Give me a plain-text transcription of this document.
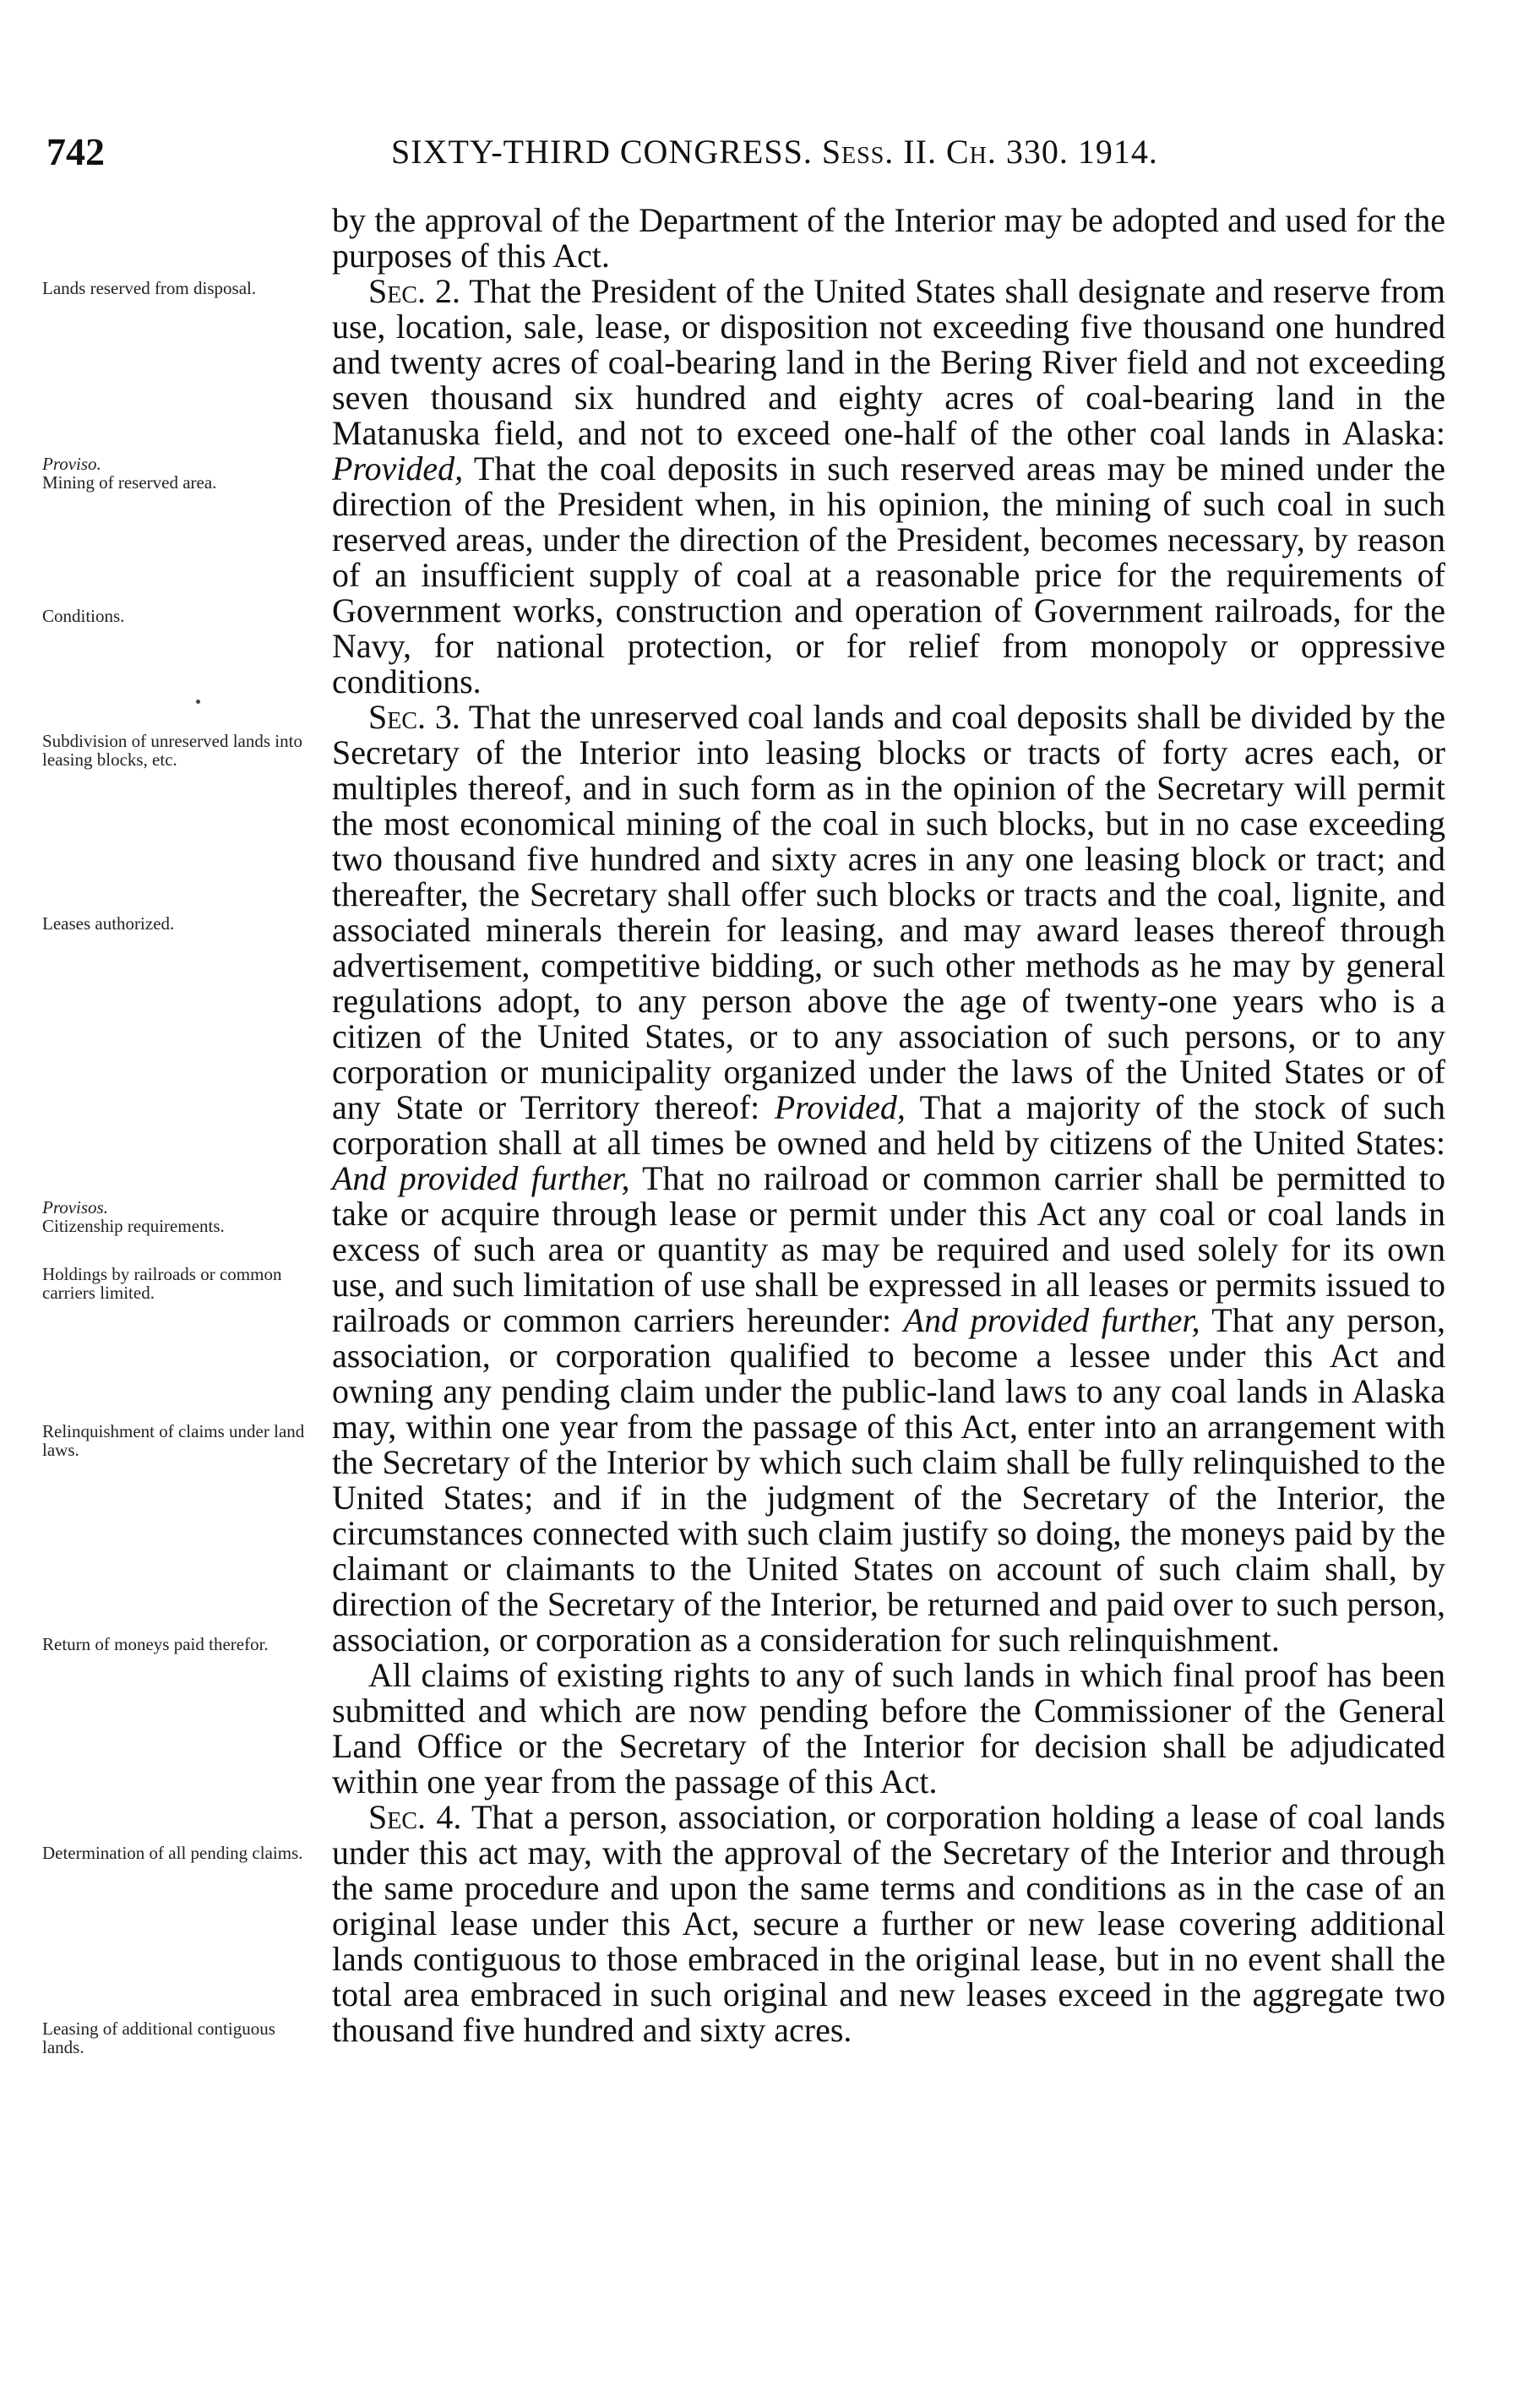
742	SIXTY-THIRD CONGRESS. Sess. II. Ch. 330. 1914.
Lands reserved from disposal.
Proviso.
Mining of reserved area.
Conditions.
Subdivision of unreserved lands into leasing blocks, etc.
Leases authorized.
Provisos.
Citizenship requirements.
Holdings by railroads or common carriers limited.
Relinquishment of claims under land laws.
Return of moneys paid therefor.
Determination of all pending claims.
Leasing of additional contiguous lands.

by the approval of the Department of the Interior may be adopted and used for the purposes of this Act.

Sec. 2. That the President of the United States shall designate and reserve from use, location, sale, lease, or disposition not exceeding five thousand one hundred and twenty acres of coal-bearing land in the Bering River field and not exceeding seven thousand six hundred and eighty acres of coal-bearing land in the Matanuska field, and not to exceed one-half of the other coal lands in Alaska: Provided, That the coal deposits in such reserved areas may be mined under the direction of the President when, in his opinion, the mining of such coal in such reserved areas, under the direction of the President, becomes necessary, by reason of an insufficient supply of coal at a reasonable price for the requirements of Government works, construction and operation of Government railroads, for the Navy, for national protection, or for relief from monopoly or oppressive conditions.

Sec. 3. That the unreserved coal lands and coal deposits shall be divided by the Secretary of the Interior into leasing blocks or tracts of forty acres each, or multiples thereof, and in such form as in the opinion of the Secretary will permit the most economical mining of the coal in such blocks, but in no case exceeding two thousand five hundred and sixty acres in any one leasing block or tract; and thereafter, the Secretary shall offer such blocks or tracts and the coal, lignite, and associated minerals therein for leasing, and may award leases thereof through advertisement, competitive bidding, or such other methods as he may by general regulations adopt, to any person above the age of twenty-one years who is a citizen of the United States, or to any association of such persons, or to any corporation or municipality organized under the laws of the United States or of any State or Territory thereof: Provided, That a majority of the stock of such corporation shall at all times be owned and held by citizens of the United States: And provided further, That no railroad or common carrier shall be permitted to take or acquire through lease or permit under this Act any coal or coal lands in excess of such area or quantity as may be required and used solely for its own use, and such limitation of use shall be expressed in all leases or permits issued to railroads or common carriers hereunder: And provided further, That any person, association, or corporation qualified to become a lessee under this Act and owning any pending claim under the public-land laws to any coal lands in Alaska may, within one year from the passage of this Act, enter into an arrangement with the Secretary of the Interior by which such claim shall be fully relinquished to the United States; and if in the judgment of the Secretary of the Interior, the circumstances connected with such claim justify so doing, the moneys paid by the claimant or claimants to the United States on account of such claim shall, by direction of the Secretary of the Interior, be returned and paid over to such person, association, or corporation as a consideration for such relinquishment.

All claims of existing rights to any of such lands in which final proof has been submitted and which are now pending before the Commissioner of the General Land Office or the Secretary of the Interior for decision shall be adjudicated within one year from the passage of this Act.

Sec. 4. That a person, association, or corporation holding a lease of coal lands under this act may, with the approval of the Secretary of the Interior and through the same procedure and upon the same terms and conditions as in the case of an original lease under this Act, secure a further or new lease covering additional lands contiguous to those embraced in the original lease, but in no event shall the total area embraced in such original and new leases exceed in the aggregate two thousand five hundred and sixty acres.
